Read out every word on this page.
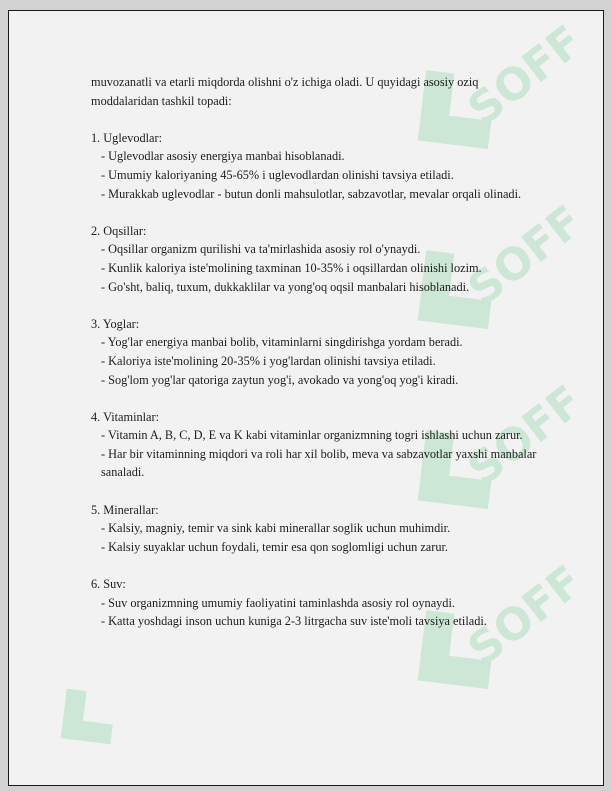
SOFF
SOFF
SOFF
SOFF

muvozanatli va etarli miqdorda olishni o'z ichiga oladi. U quyidagi asosiy oziq moddalaridan tashkil topadi:

1. Uglevodlar:

- Uglevodlar asosiy energiya manbai hisoblanadi.

- Umumiy kaloriyaning 45-65% i uglevodlardan olinishi tavsiya etiladi.

- Murakkab uglevodlar - butun donli mahsulotlar, sabzavotlar, mevalar orqali olinadi.

2. Oqsillar:

- Oqsillar organizm qurilishi va ta'mirlashida asosiy rol o'ynaydi.

- Kunlik kaloriya iste'molining taxminan 10-35% i oqsillardan olinishi lozim.

- Go'sht, baliq, tuxum, dukkaklilar va yong'oq oqsil manbalari hisoblanadi.

3. Yoglar:

- Yog'lar energiya manbai bolib, vitaminlarni singdirishga yordam beradi.

- Kaloriya iste'molining 20-35% i yog'lardan olinishi tavsiya etiladi.

- Sog'lom yog'lar qatoriga zaytun yog'i, avokado va yong'oq yog'i kiradi.

4. Vitaminlar:

- Vitamin A, B, C, D, E va K kabi vitaminlar organizmning togri ishlashi uchun zarur.

- Har bir vitaminning miqdori va roli har xil bolib, meva va sabzavotlar yaxshi manbalar sanaladi.

5. Minerallar:

- Kalsiy, magniy, temir va sink kabi minerallar soglik uchun muhimdir.

- Kalsiy suyaklar uchun foydali, temir esa qon soglomligi uchun zarur.

6. Suv:

- Suv organizmning umumiy faoliyatini taminlashda asosiy rol oynaydi.

- Katta yoshdagi inson uchun kuniga 2-3 litrgacha suv iste'moli tavsiya etiladi.
